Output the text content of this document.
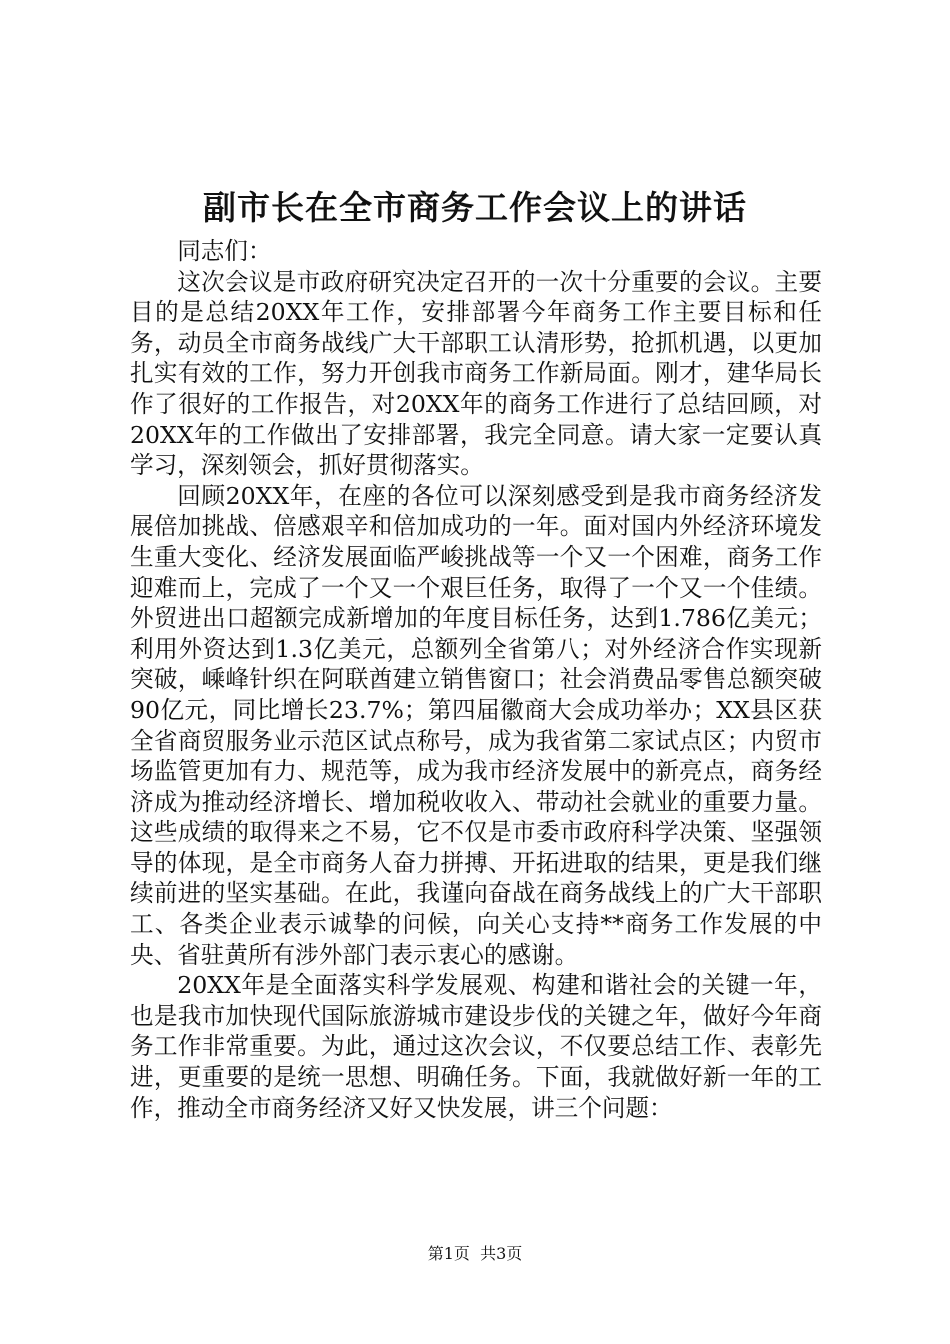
副市长在全市商务工作会议上的讲话

同志们：

这次会议是市政府研究决定召开的一次十分重要的会议。主要目的是总结20XX年工作，安排部署今年商务工作主要目标和任务，动员全市商务战线广大干部职工认清形势，抢抓机遇，以更加扎实有效的工作，努力开创我市商务工作新局面。刚才，建华局长作了很好的工作报告，对20XX年的商务工作进行了总结回顾，对20XX年的工作做出了安排部署，我完全同意。请大家一定要认真学习，深刻领会，抓好贯彻落实。

回顾20XX年，在座的各位可以深刻感受到是我市商务经济发展倍加挑战、倍感艰辛和倍加成功的一年。面对国内外经济环境发生重大变化、经济发展面临严峻挑战等一个又一个困难，商务工作迎难而上，完成了一个又一个艰巨任务，取得了一个又一个佳绩。外贸进出口超额完成新增加的年度目标任务，达到1.786亿美元；利用外资达到1.3亿美元，总额列全省第八；对外经济合作实现新突破，嵊峰针织在阿联酋建立销售窗口；社会消费品零售总额突破90亿元，同比增长23.7%；第四届徽商大会成功举办；XX县区获全省商贸服务业示范区试点称号，成为我省第二家试点区；内贸市场监管更加有力、规范等，成为我市经济发展中的新亮点，商务经济成为推动经济增长、增加税收收入、带动社会就业的重要力量。这些成绩的取得来之不易，它不仅是市委市政府科学决策、坚强领导的体现，是全市商务人奋力拼搏、开拓进取的结果，更是我们继续前进的坚实基础。在此，我谨向奋战在商务战线上的广大干部职工、各类企业表示诚挚的问候，向关心支持**商务工作发展的中央、省驻黄所有涉外部门表示衷心的感谢。

20XX年是全面落实科学发展观、构建和谐社会的关键一年，也是我市加快现代国际旅游城市建设步伐的关键之年，做好今年商务工作非常重要。为此，通过这次会议，不仅要总结工作、表彰先进，更重要的是统一思想、明确任务。下面，我就做好新一年的工作，推动全市商务经济又好又快发展，讲三个问题：

第1页 共3页
